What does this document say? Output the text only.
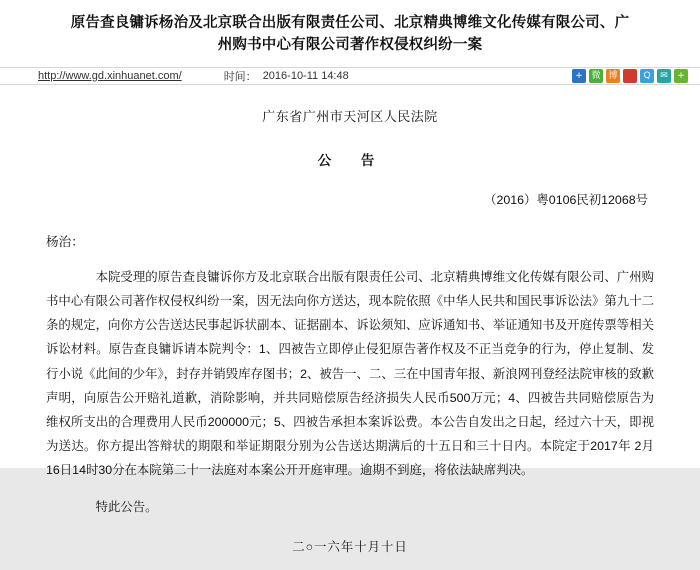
原告查良镛诉杨治及北京联合出版有限责任公司、北京精典博维文化传媒有限公司、广
州购书中心有限公司著作权侵权纠纷一案
http://www.gd.xinhuanet.com/	时间： 2016-10-11 14:48	+ 微 博	Q	✉	+
广东省广州市天河区人民法院
公　告
（2016）粤0106民初12068号
杨治：

　　本院受理的原告查良镛诉你方及北京联合出版有限责任公司、北京精典博维文化传媒有限公司、广州购书中心有限公司著作权侵权纠纷一案，因无法向你方送达，现本院依照《中华人民共和国民事诉讼法》第九十二条的规定，向你方公告送达民事起诉状副本、证据副本、诉讼须知、应诉通知书、举证通知书及开庭传票等相关诉讼材料。原告查良镛诉请本院判令：1、四被告立即停止侵犯原告著作权及不正当竞争的行为，停止复制、发行小说《此间的少年》，封存并销毁库存图书；2、被告一、二、三在中国青年报、新浪网刊登经法院审核的致歉声明，向原告公开赔礼道歉，消除影响，并共同赔偿原告经济损失人民币500万元；4、四被告共同赔偿原告为维权所支出的合理费用人民币200000元；5、四被告承担本案诉讼费。本公告自发出之日起，经过六十天，即视为送达。你方提出答辩状的期限和举证期限分别为公告送达期满后的十五日和三十日内。本院定于2017年 2月16日14时30分在本院第二十一法庭对本案公开开庭审理。逾期不到庭，将依法缺席判决。

　　特此公告。

二○一六年十月十日
